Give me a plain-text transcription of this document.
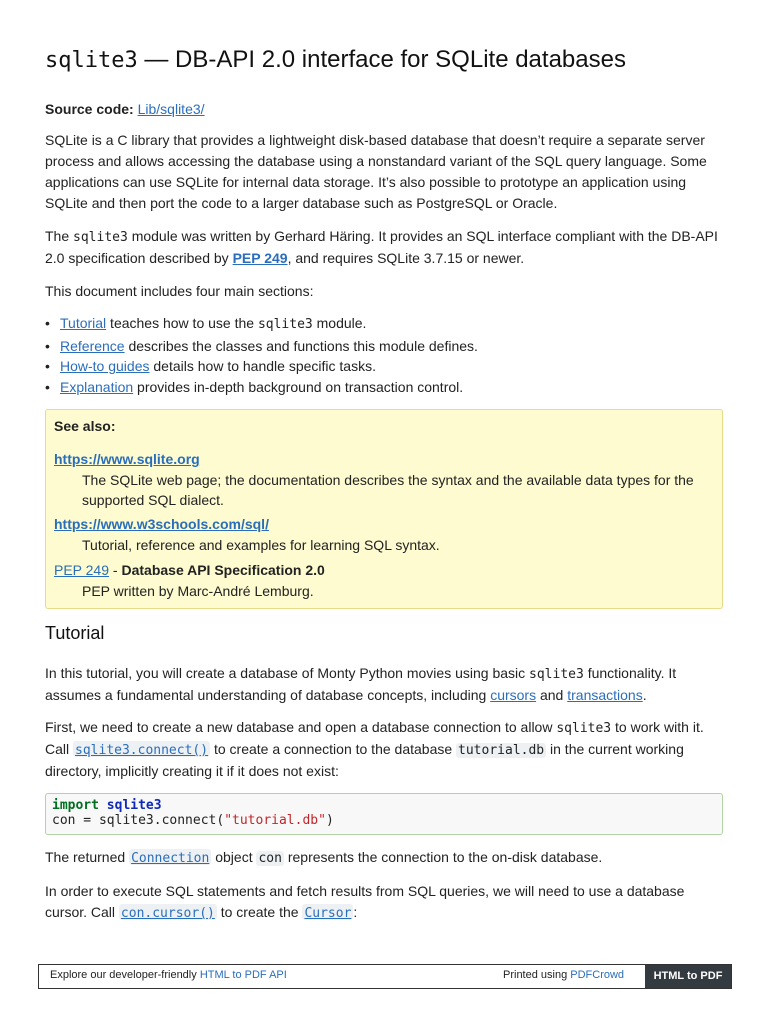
sqlite3 — DB-API 2.0 interface for SQLite databases

Source code: Lib/sqlite3/

SQLite is a C library that provides a lightweight disk-based database that doesn’t require a separate server process and allows accessing the database using a nonstandard variant of the SQL query language. Some applications can use SQLite for internal data storage. It’s also possible to prototype an application using SQLite and then port the code to a larger database such as PostgreSQL or Oracle.

The sqlite3 module was written by Gerhard Häring. It provides an SQL interface compliant with the DB-API 2.0 specification described by PEP 249, and requires SQLite 3.7.15 or newer.

This document includes four main sections:

• Tutorial teaches how to use the sqlite3 module.
• Reference describes the classes and functions this module defines.
• How-to guides details how to handle specific tasks.
• Explanation provides in-depth background on transaction control.
See also:
https://www.sqlite.org
The SQLite web page; the documentation describes the syntax and the available data types for the supported SQL dialect.
https://www.w3schools.com/sql/
Tutorial, reference and examples for learning SQL syntax.
PEP 249 - Database API Specification 2.0
PEP written by Marc-André Lemburg.
Tutorial

In this tutorial, you will create a database of Monty Python movies using basic sqlite3 functionality. It assumes a fundamental understanding of database concepts, including cursors and transactions.

First, we need to create a new database and open a database connection to allow sqlite3 to work with it. Call sqlite3.connect() to create a connection to the database tutorial.db in the current working directory, implicitly creating it if it does not exist:

import sqlite3
con = sqlite3.connect("tutorial.db")

The returned Connection object con represents the connection to the on-disk database.

In order to execute SQL statements and fetch results from SQL queries, we will need to use a database cursor. Call con.cursor() to create the Cursor :

Explore our developer-friendly HTML to PDF API	Printed using PDFCrowd	HTML to PDF
